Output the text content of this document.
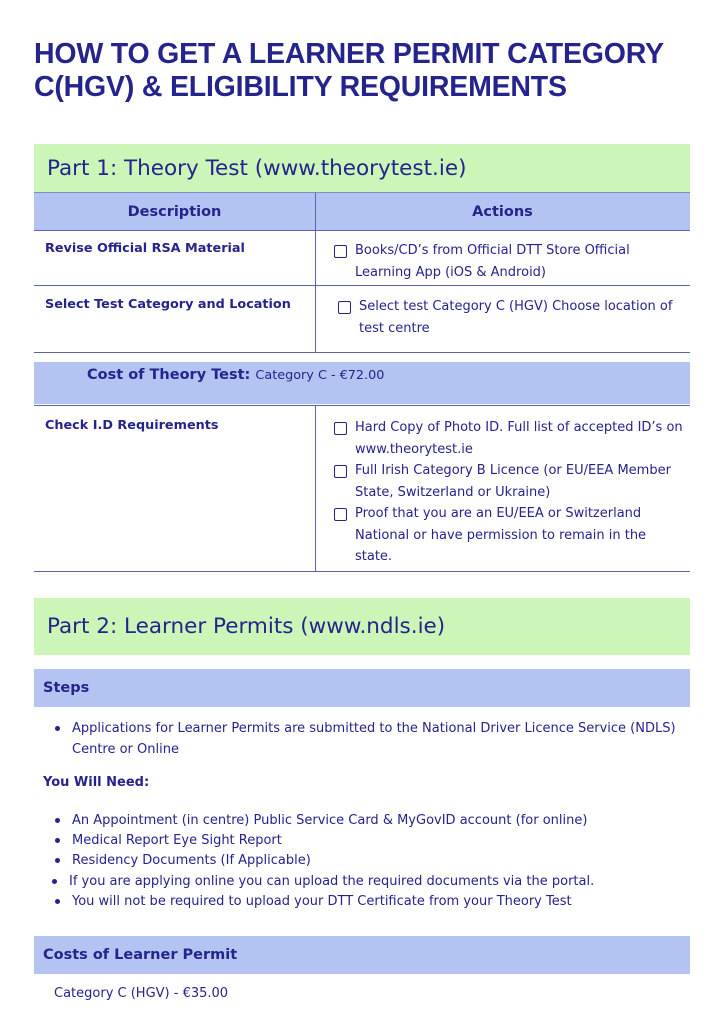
HOW TO GET A LEARNER PERMIT CATEGORY C(HGV) & ELIGIBILITY REQUIREMENTS
Part 1: Theory Test (www.theorytest.ie)
Description	Actions
Revise Official RSA Material	Books/CD’s from Official DTT Store Official Learning App (iOS & Android)
Select Test Category and Location	Select test Category C (HGV) Choose location of test centre
Cost of Theory Test: Category C - €72.00
Check I.D Requirements	Hard Copy of Photo ID. Full list of accepted ID’s on www.theorytest.ie
Full Irish Category B Licence (or EU/EEA Member State, Switzerland or Ukraine)
Proof that you are an EU/EEA or Switzerland National or have permission to remain in the state.
Part 2: Learner Permits (www.ndls.ie)
Steps
Applications for Learner Permits are submitted to the National Driver Licence Service (NDLS) Centre or Online
You Will Need:
An Appointment (in centre) Public Service Card & MyGovID account (for online)
Medical Report Eye Sight Report
Residency Documents (If Applicable)
If you are applying online you can upload the required documents via the portal.
You will not be required to upload your DTT Certificate from your Theory Test
Costs of Learner Permit
Category C (HGV) - €35.00
